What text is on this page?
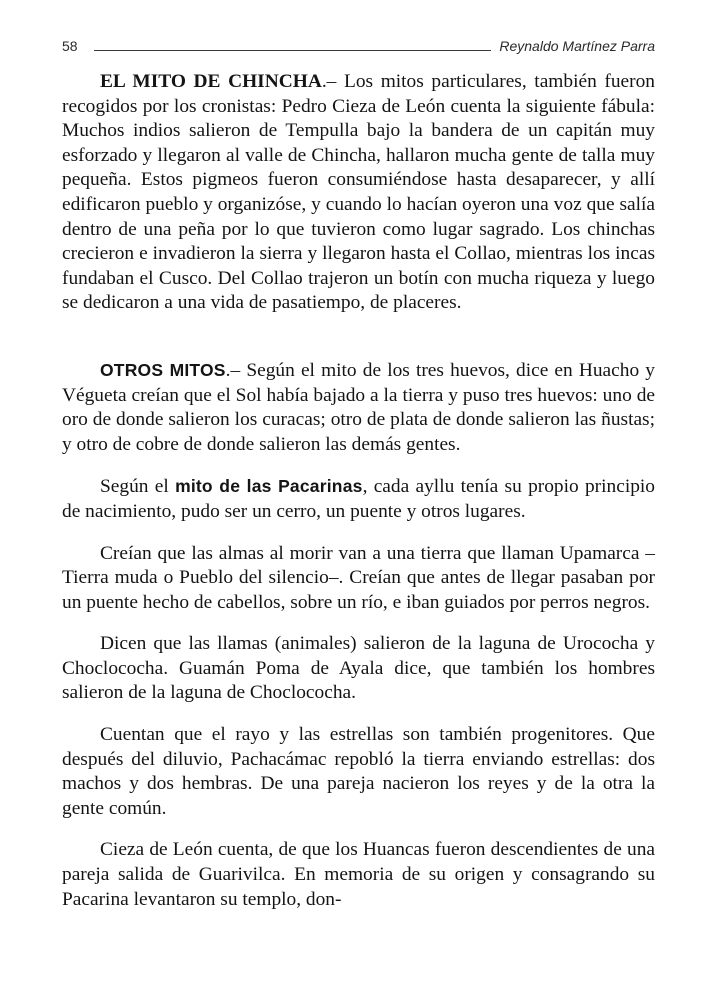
58	Reynaldo Martínez Parra

EL MITO DE CHINCHA.– Los mitos particulares, también fueron recogidos por los cronistas: Pedro Cieza de León cuenta la siguiente fábula: Muchos indios salieron de Tempulla bajo la bandera de un capitán muy esforzado y llegaron al valle de Chincha, hallaron mucha gente de talla muy pequeña. Estos pigmeos fueron consumiéndose hasta desaparecer, y allí edificaron pueblo y organizóse, y cuando lo hacían oyeron una voz que salía dentro de una peña por lo que tuvieron como lugar sagrado. Los chinchas crecieron e invadieron la sierra y llegaron hasta el Collao, mientras los incas fundaban el Cusco. Del Collao trajeron un botín con mucha riqueza y luego se dedicaron a una vida de pasatiempo, de placeres.

OTROS MITOS.– Según el mito de los tres huevos, dice en Huacho y Végueta creían que el Sol había bajado a la tierra y puso tres huevos: uno de oro de donde salieron los curacas; otro de plata de donde salieron las ñustas; y otro de cobre de donde salieron las demás gentes.

Según el mito de las Pacarinas, cada ayllu tenía su propio principio de nacimiento, pudo ser un cerro, un puente y otros lugares.

Creían que las almas al morir van a una tierra que llaman Upamarca –Tierra muda o Pueblo del silencio–. Creían que antes de llegar pasaban por un puente hecho de cabellos, sobre un río, e iban guiados por perros negros.

Dicen que las llamas (animales) salieron de la laguna de Urococha y Choclococha. Guamán Poma de Ayala dice, que también los hombres salieron de la laguna de Choclococha.

Cuentan que el rayo y las estrellas son también progenitores. Que después del diluvio, Pachacámac repobló la tierra enviando estrellas: dos machos y dos hembras. De una pareja nacieron los reyes y de la otra la gente común.

Cieza de León cuenta, de que los Huancas fueron descendientes de una pareja salida de Guarivilca. En memoria de su origen y consagrando su Pacarina levantaron su templo, don-
